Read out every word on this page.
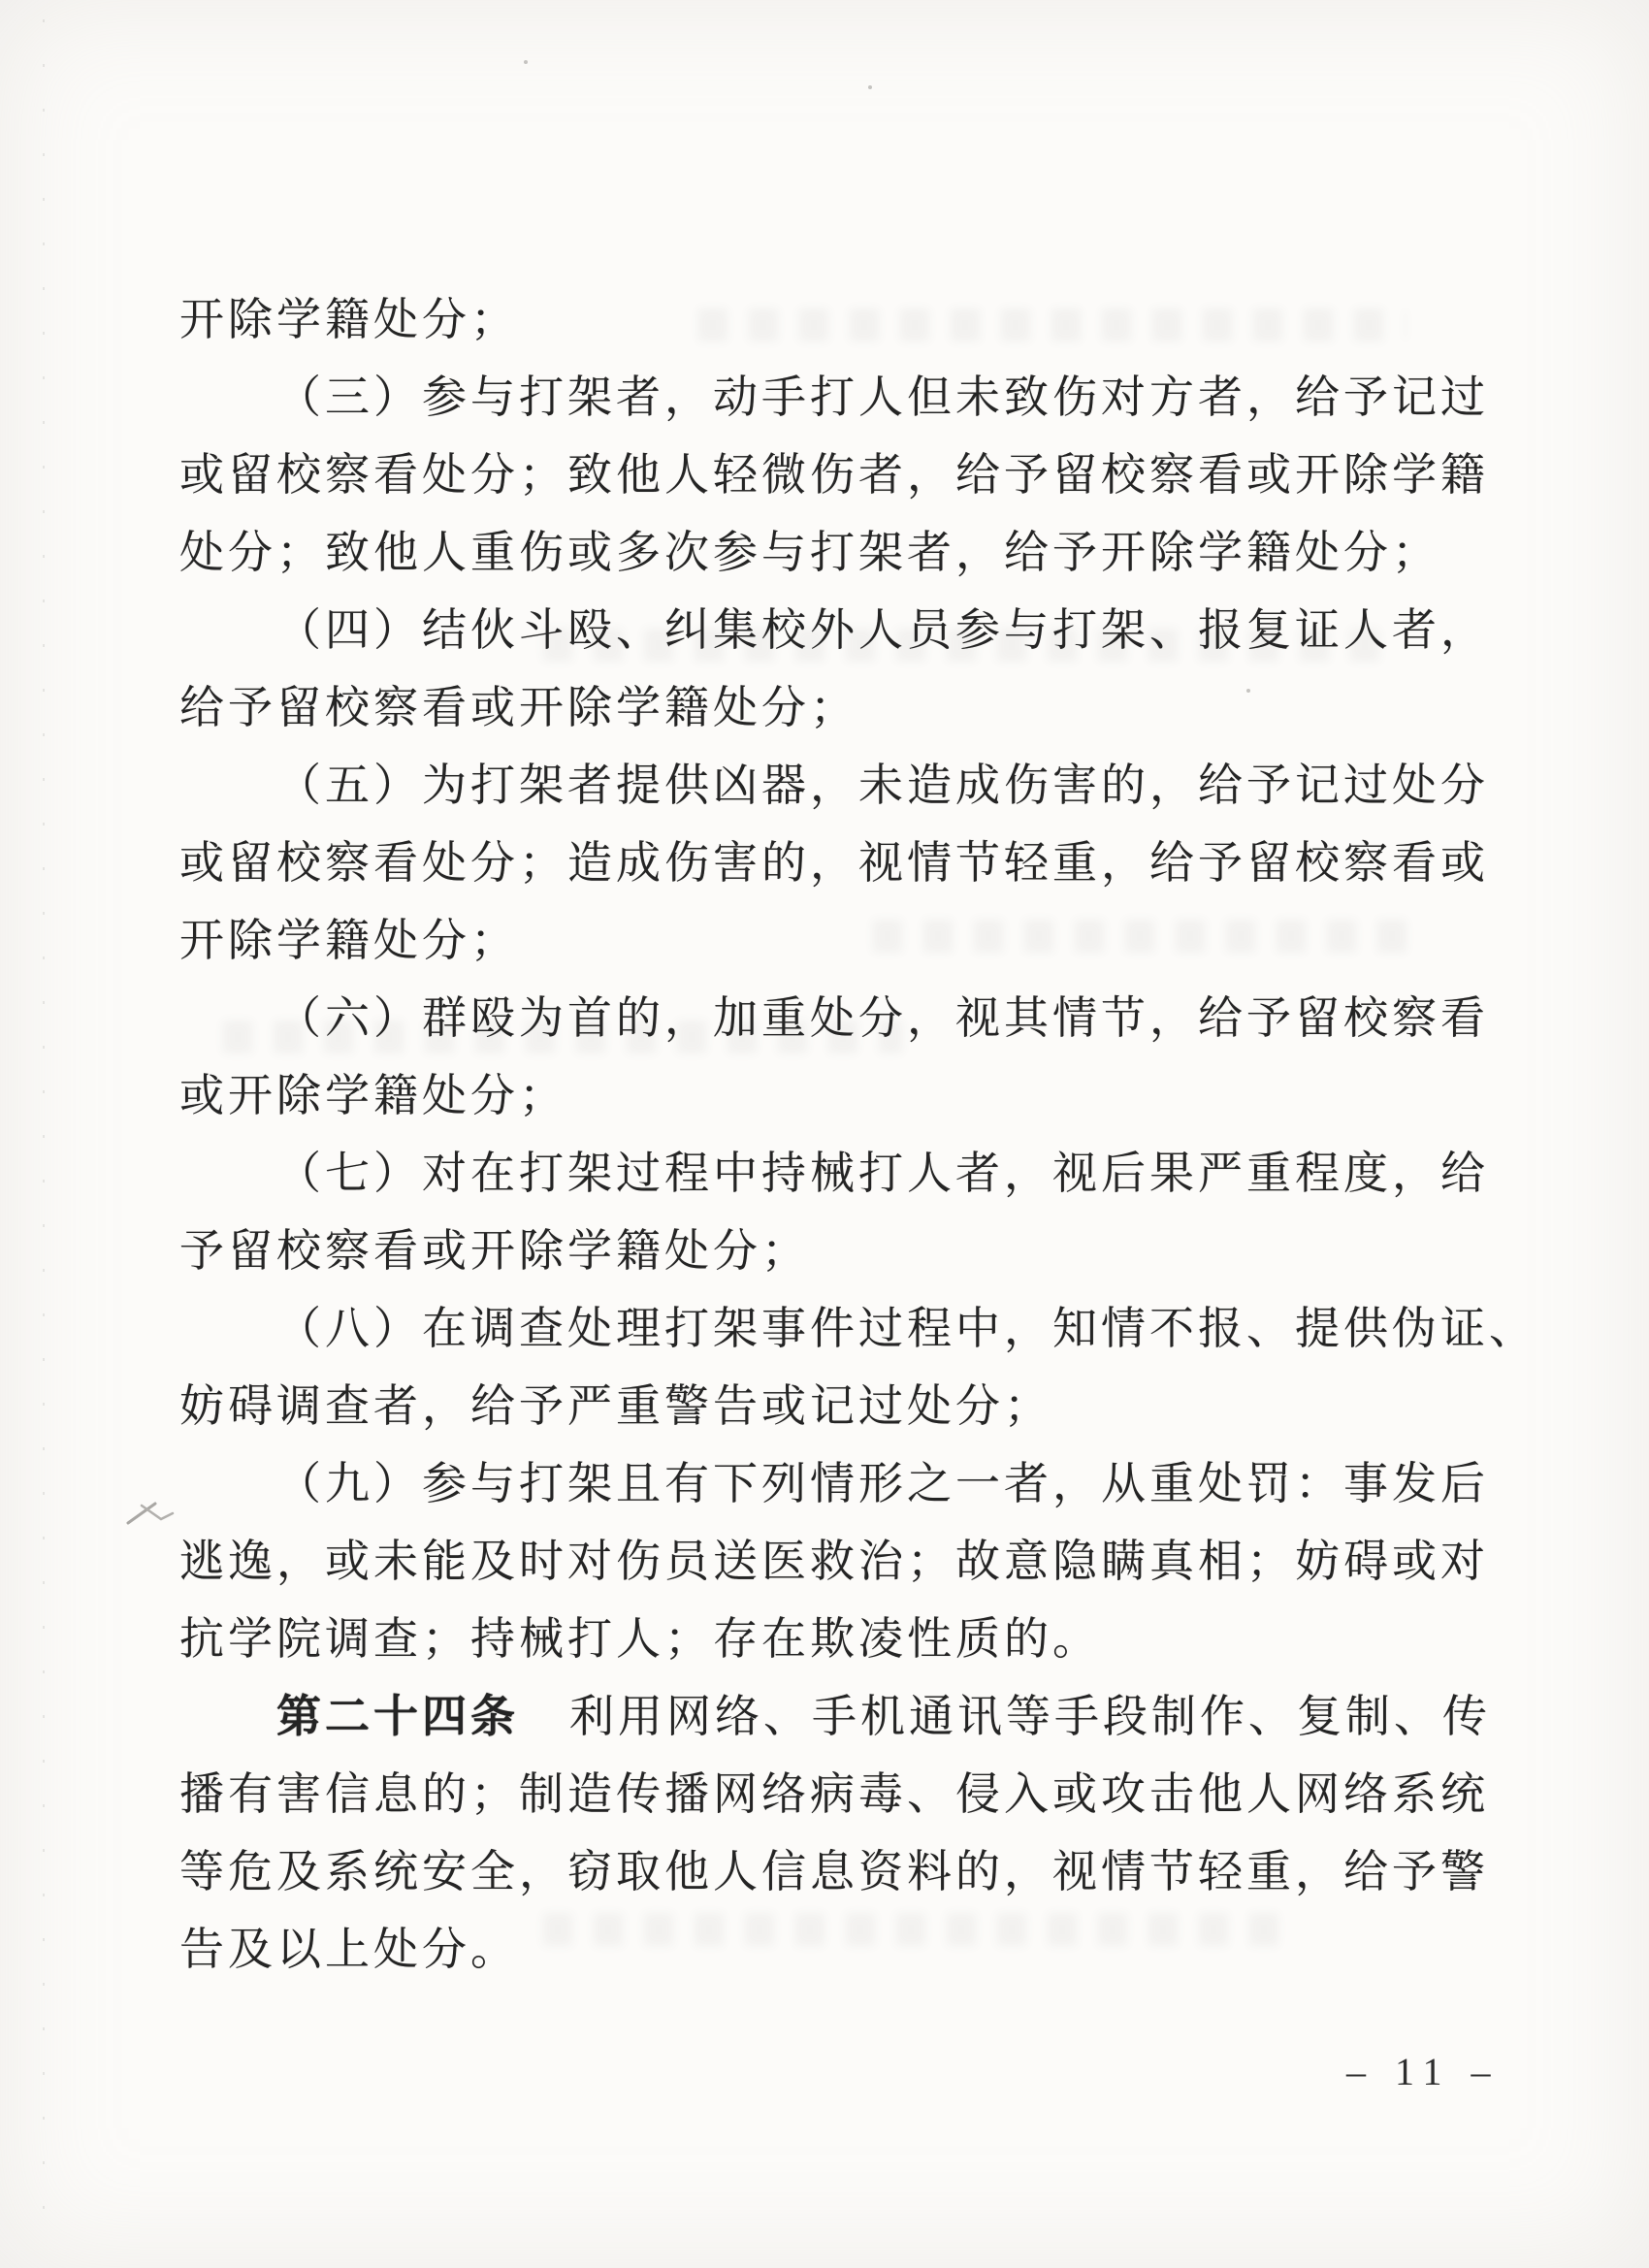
开除学籍处分；
（三）参与打架者，动手打人但未致伤对方者，给予记过
或留校察看处分；致他人轻微伤者，给予留校察看或开除学籍
处分；致他人重伤或多次参与打架者，给予开除学籍处分；
（四）结伙斗殴、纠集校外人员参与打架、报复证人者，
给予留校察看或开除学籍处分；
（五）为打架者提供凶器，未造成伤害的，给予记过处分
或留校察看处分；造成伤害的，视情节轻重，给予留校察看或
开除学籍处分；
（六）群殴为首的，加重处分，视其情节，给予留校察看
或开除学籍处分；
（七）对在打架过程中持械打人者，视后果严重程度，给
予留校察看或开除学籍处分；
（八）在调查处理打架事件过程中，知情不报、提供伪证、
妨碍调查者，给予严重警告或记过处分；
（九）参与打架且有下列情形之一者，从重处罚：事发后
逃逸，或未能及时对伤员送医救治；故意隐瞒真相；妨碍或对
抗学院调查；持械打人；存在欺凌性质的。
第二十四条 利用网络、手机通讯等手段制作、复制、传
播有害信息的；制造传播网络病毒、侵入或攻击他人网络系统
等危及系统安全，窃取他人信息资料的，视情节轻重，给予警
告及以上处分。
– 11 –
